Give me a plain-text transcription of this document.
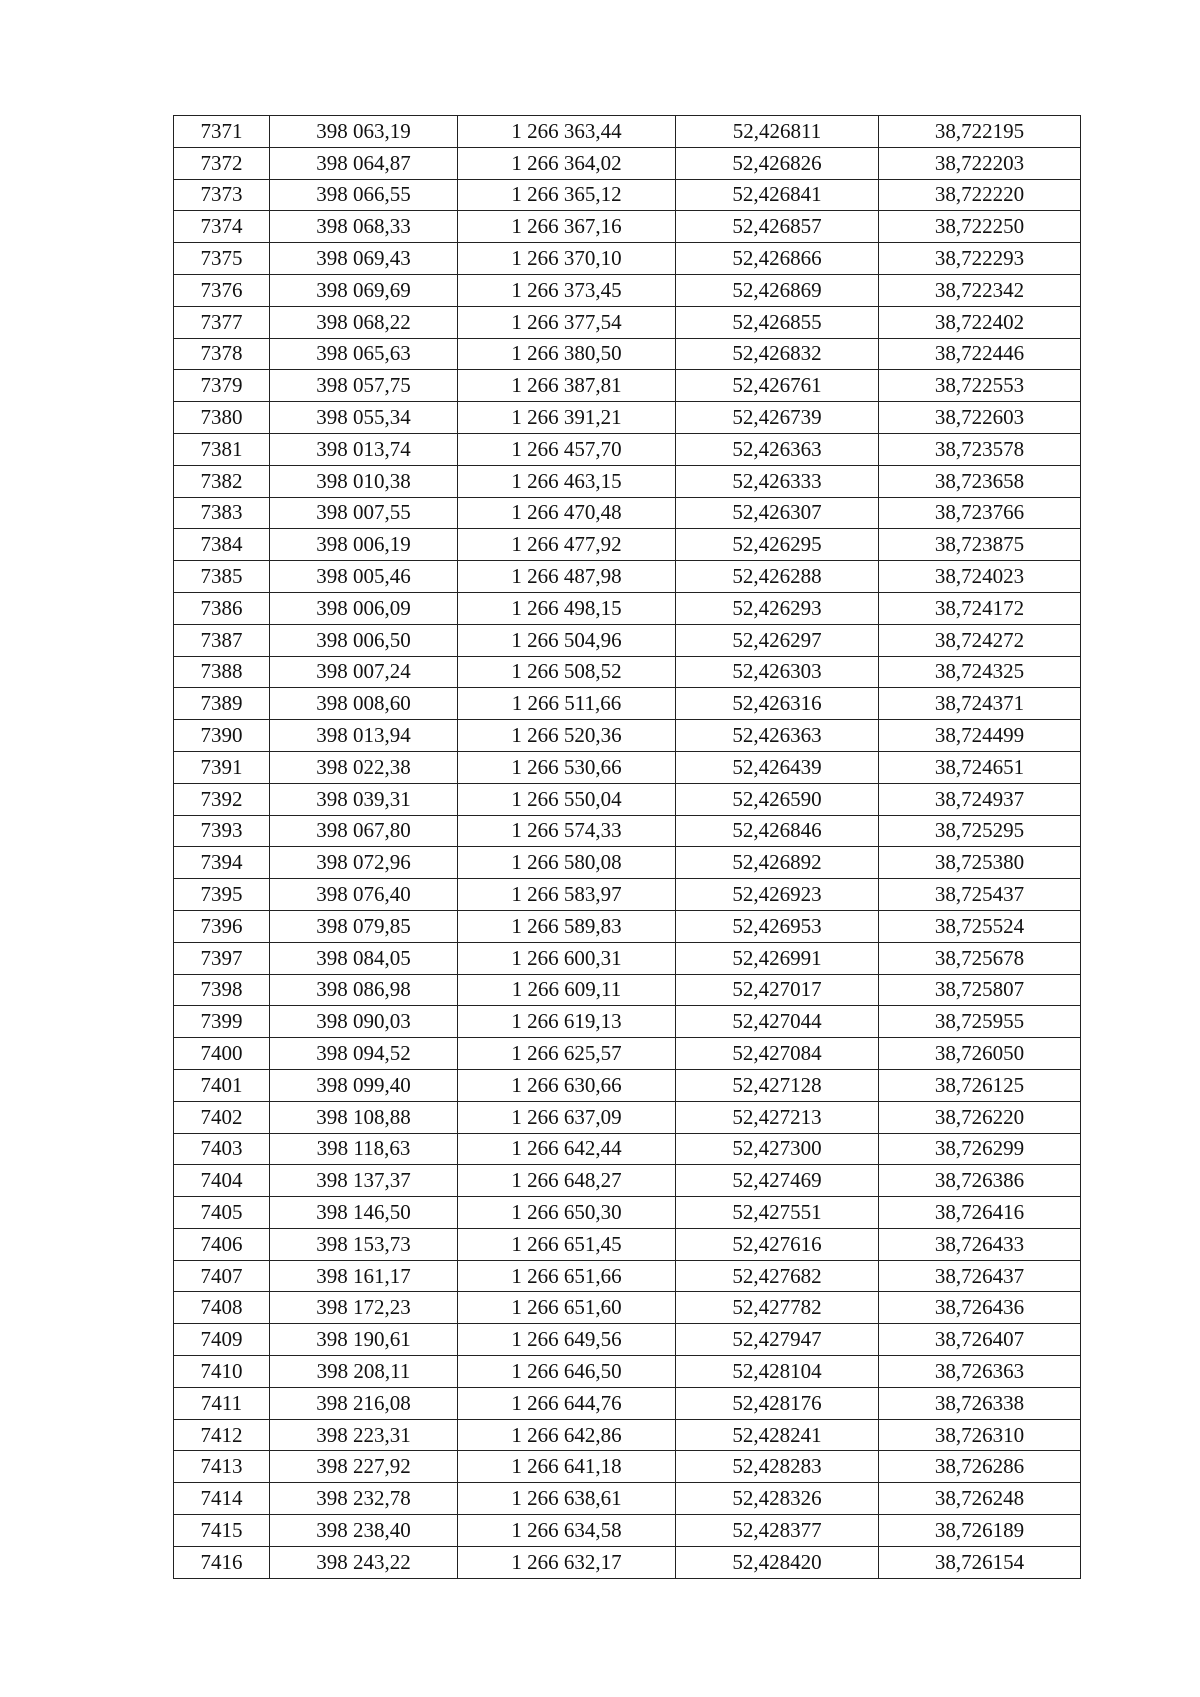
7371	398 063,19	1 266 363,44	52,426811	38,722195
7372	398 064,87	1 266 364,02	52,426826	38,722203
7373	398 066,55	1 266 365,12	52,426841	38,722220
7374	398 068,33	1 266 367,16	52,426857	38,722250
7375	398 069,43	1 266 370,10	52,426866	38,722293
7376	398 069,69	1 266 373,45	52,426869	38,722342
7377	398 068,22	1 266 377,54	52,426855	38,722402
7378	398 065,63	1 266 380,50	52,426832	38,722446
7379	398 057,75	1 266 387,81	52,426761	38,722553
7380	398 055,34	1 266 391,21	52,426739	38,722603
7381	398 013,74	1 266 457,70	52,426363	38,723578
7382	398 010,38	1 266 463,15	52,426333	38,723658
7383	398 007,55	1 266 470,48	52,426307	38,723766
7384	398 006,19	1 266 477,92	52,426295	38,723875
7385	398 005,46	1 266 487,98	52,426288	38,724023
7386	398 006,09	1 266 498,15	52,426293	38,724172
7387	398 006,50	1 266 504,96	52,426297	38,724272
7388	398 007,24	1 266 508,52	52,426303	38,724325
7389	398 008,60	1 266 511,66	52,426316	38,724371
7390	398 013,94	1 266 520,36	52,426363	38,724499
7391	398 022,38	1 266 530,66	52,426439	38,724651
7392	398 039,31	1 266 550,04	52,426590	38,724937
7393	398 067,80	1 266 574,33	52,426846	38,725295
7394	398 072,96	1 266 580,08	52,426892	38,725380
7395	398 076,40	1 266 583,97	52,426923	38,725437
7396	398 079,85	1 266 589,83	52,426953	38,725524
7397	398 084,05	1 266 600,31	52,426991	38,725678
7398	398 086,98	1 266 609,11	52,427017	38,725807
7399	398 090,03	1 266 619,13	52,427044	38,725955
7400	398 094,52	1 266 625,57	52,427084	38,726050
7401	398 099,40	1 266 630,66	52,427128	38,726125
7402	398 108,88	1 266 637,09	52,427213	38,726220
7403	398 118,63	1 266 642,44	52,427300	38,726299
7404	398 137,37	1 266 648,27	52,427469	38,726386
7405	398 146,50	1 266 650,30	52,427551	38,726416
7406	398 153,73	1 266 651,45	52,427616	38,726433
7407	398 161,17	1 266 651,66	52,427682	38,726437
7408	398 172,23	1 266 651,60	52,427782	38,726436
7409	398 190,61	1 266 649,56	52,427947	38,726407
7410	398 208,11	1 266 646,50	52,428104	38,726363
7411	398 216,08	1 266 644,76	52,428176	38,726338
7412	398 223,31	1 266 642,86	52,428241	38,726310
7413	398 227,92	1 266 641,18	52,428283	38,726286
7414	398 232,78	1 266 638,61	52,428326	38,726248
7415	398 238,40	1 266 634,58	52,428377	38,726189
7416	398 243,22	1 266 632,17	52,428420	38,726154
